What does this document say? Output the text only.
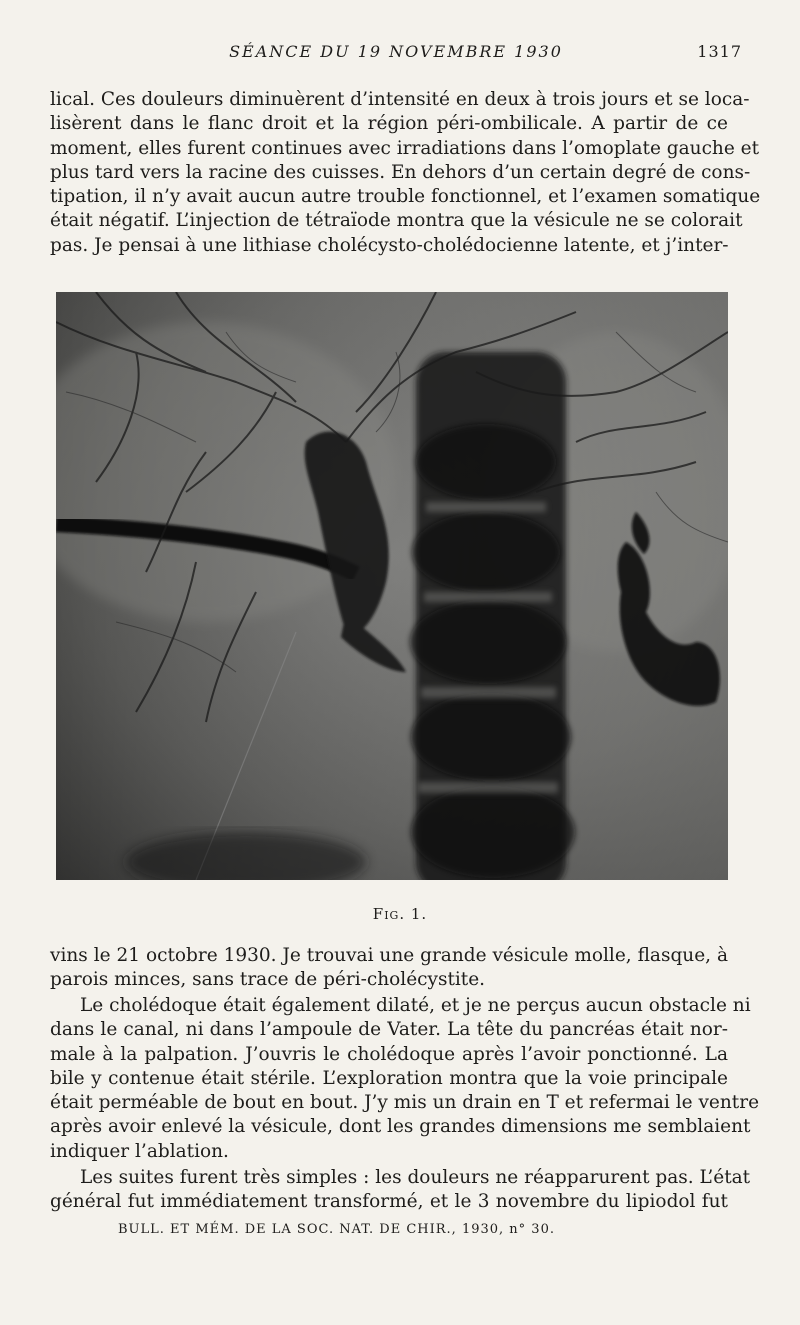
SÉANCE DU 19 NOVEMBRE 1930	1317
lical. Ces douleurs diminuèrent d’intensité en deux à trois jours et se loca-
lisèrent dans le flanc droit et la région péri-ombilicale. A partir de ce
moment, elles furent continues avec irradiations dans l’omoplate gauche et
plus tard vers la racine des cuisses. En dehors d’un certain degré de cons-
tipation, il n’y avait aucun autre trouble fonctionnel, et l’examen somatique
était négatif. L’injection de tétraïode montra que la vésicule ne se colorait
pas. Je pensai à une lithiase cholécysto-cholédocienne latente, et j’inter-
Fig. 1.
vins le 21 octobre 1930. Je trouvai une grande vésicule molle, flasque, à
parois minces, sans trace de péri-cholécystite.
Le cholédoque était également dilaté, et je ne perçus aucun obstacle ni
dans le canal, ni dans l’ampoule de Vater. La tête du pancréas était nor-
male à la palpation. J’ouvris le cholédoque après l’avoir ponctionné. La
bile y contenue était stérile. L’exploration montra que la voie principale
était perméable de bout en bout. J’y mis un drain en T et refermai le ventre
après avoir enlevé la vésicule, dont les grandes dimensions me semblaient
indiquer l’ablation.
Les suites furent très simples : les douleurs ne réapparurent pas. L’état
général fut immédiatement transformé, et le 3 novembre du lipiodol fut
BULL. ET MÉM. DE LA SOC. NAT. DE CHIR., 1930, n° 30.
